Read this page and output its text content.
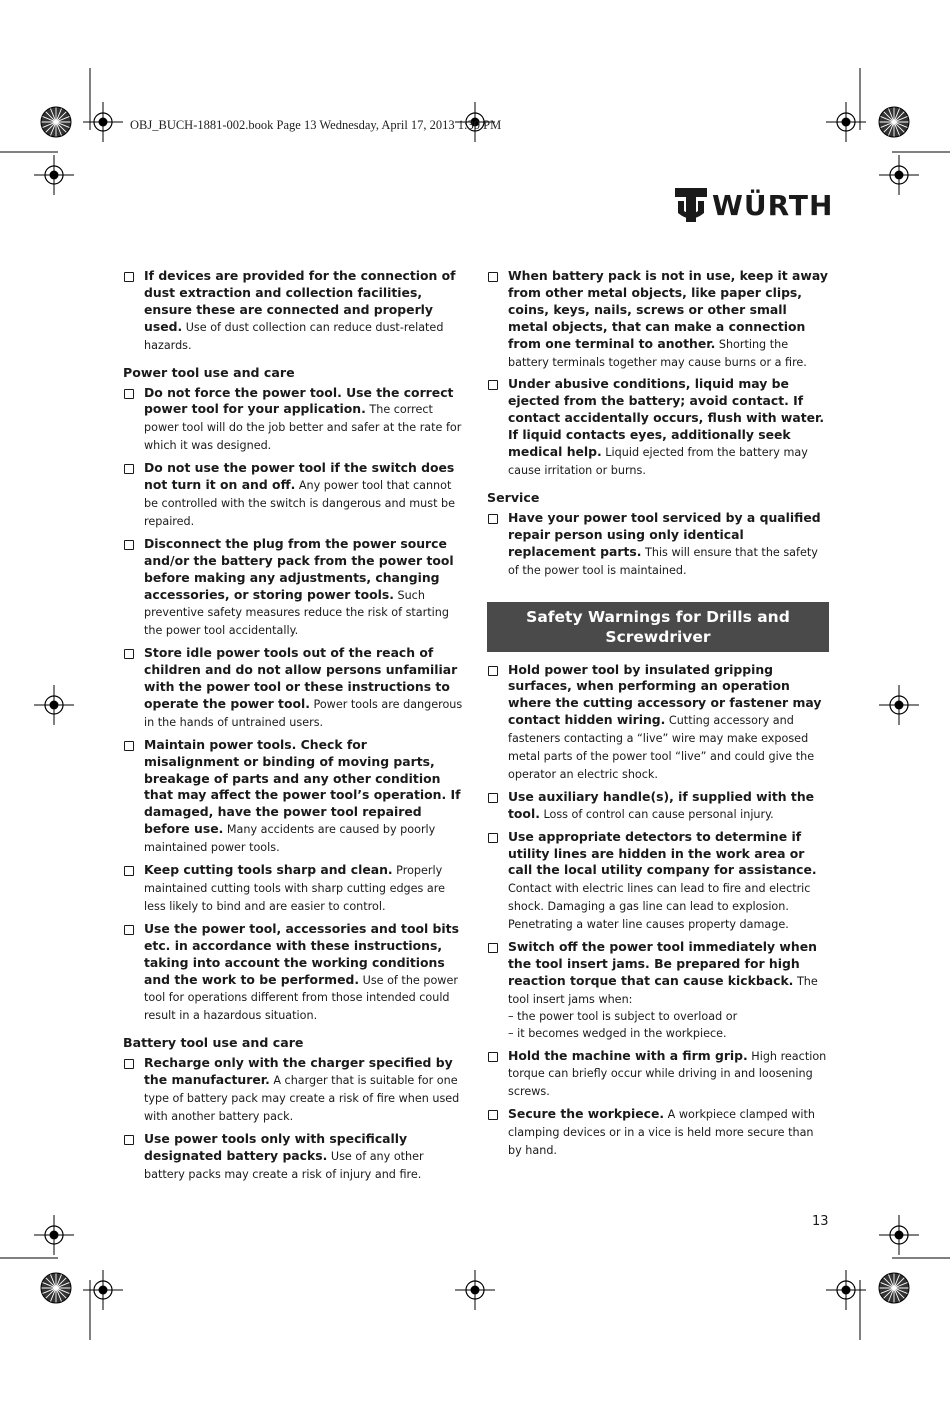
OBJ_BUCH-1881-002.book Page 13 Wednesday, April 17, 2013 1:30 PM
WÜRTH
If devices are provided for the connection of dust extraction and collection facilities, ensure these are connected and properly used. Use of dust collection can reduce dust-related hazards.
Power tool use and care
Do not force the power tool. Use the correct power tool for your application. The correct power tool will do the job better and safer at the rate for which it was designed.
Do not use the power tool if the switch does not turn it on and off. Any power tool that cannot be controlled with the switch is dangerous and must be repaired.
Disconnect the plug from the power source and/or the battery pack from the power tool before making any adjustments, changing accessories, or storing power tools. Such preventive safety measures reduce the risk of starting the power tool accidentally.
Store idle power tools out of the reach of children and do not allow persons unfamiliar with the power tool or these instructions to operate the power tool. Power tools are dangerous in the hands of untrained users.
Maintain power tools. Check for misalignment or binding of moving parts, breakage of parts and any other condition that may affect the power tool’s operation. If damaged, have the power tool repaired before use. Many accidents are caused by poorly maintained power tools.
Keep cutting tools sharp and clean. Properly maintained cutting tools with sharp cutting edges are less likely to bind and are easier to control.
Use the power tool, accessories and tool bits etc. in accordance with these instructions, taking into account the working conditions and the work to be performed. Use of the power tool for operations different from those intended could result in a hazardous situation.
Battery tool use and care
Recharge only with the charger specified by the manufacturer. A charger that is suitable for one type of battery pack may create a risk of fire when used with another battery pack.
Use power tools only with specifically designated battery packs. Use of any other battery packs may create a risk of injury and fire.
When battery pack is not in use, keep it away from other metal objects, like paper clips, coins, keys, nails, screws or other small metal objects, that can make a connection from one terminal to another. Shorting the battery terminals together may cause burns or a fire.
Under abusive conditions, liquid may be ejected from the battery; avoid contact. If contact accidentally occurs, flush with water. If liquid contacts eyes, additionally seek medical help. Liquid ejected from the battery may cause irritation or burns.
Service
Have your power tool serviced by a qualified repair person using only identical replacement parts. This will ensure that the safety of the power tool is maintained.
Safety Warnings for Drills and Screwdriver
Hold power tool by insulated gripping surfaces, when performing an operation where the cutting accessory or fastener may contact hidden wiring. Cutting accessory and fasteners contacting a “live” wire may make exposed metal parts of the power tool “live” and could give the operator an electric shock.
Use auxiliary handle(s), if supplied with the tool. Loss of control can cause personal injury.
Use appropriate detectors to determine if utility lines are hidden in the work area or call the local utility company for assistance. Contact with electric lines can lead to fire and electric shock. Damaging a gas line can lead to explosion. Penetrating a water line causes property damage.
Switch off the power tool immediately when the tool insert jams. Be prepared for high reaction torque that can cause kickback. The tool insert jams when:
– the power tool is subject to overload or
– it becomes wedged in the workpiece.
Hold the machine with a firm grip. High reaction torque can briefly occur while driving in and loosening screws.
Secure the workpiece. A workpiece clamped with clamping devices or in a vice is held more secure than by hand.
13
